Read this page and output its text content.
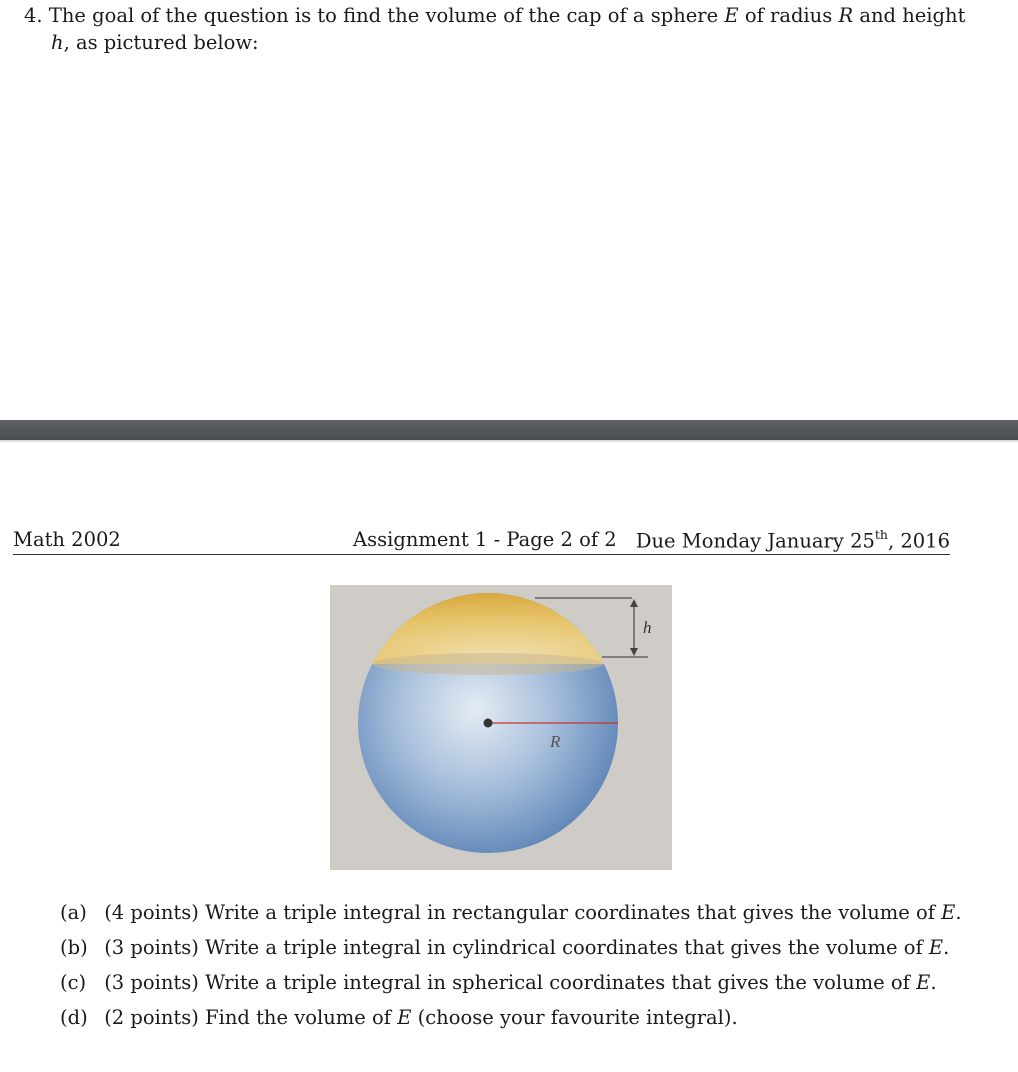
4. The goal of the question is to find the volume of the cap of a sphere E of radius R and height
h, as pictured below:
Math 2002	Assignment 1 - Page 2 of 2 Due Monday January 25th, 2016
h
R
(a) (4 points) Write a triple integral in rectangular coordinates that gives the volume of E.
(b) (3 points) Write a triple integral in cylindrical coordinates that gives the volume of E.
(c) (3 points) Write a triple integral in spherical coordinates that gives the volume of E.
(d) (2 points) Find the volume of E (choose your favourite integral).
